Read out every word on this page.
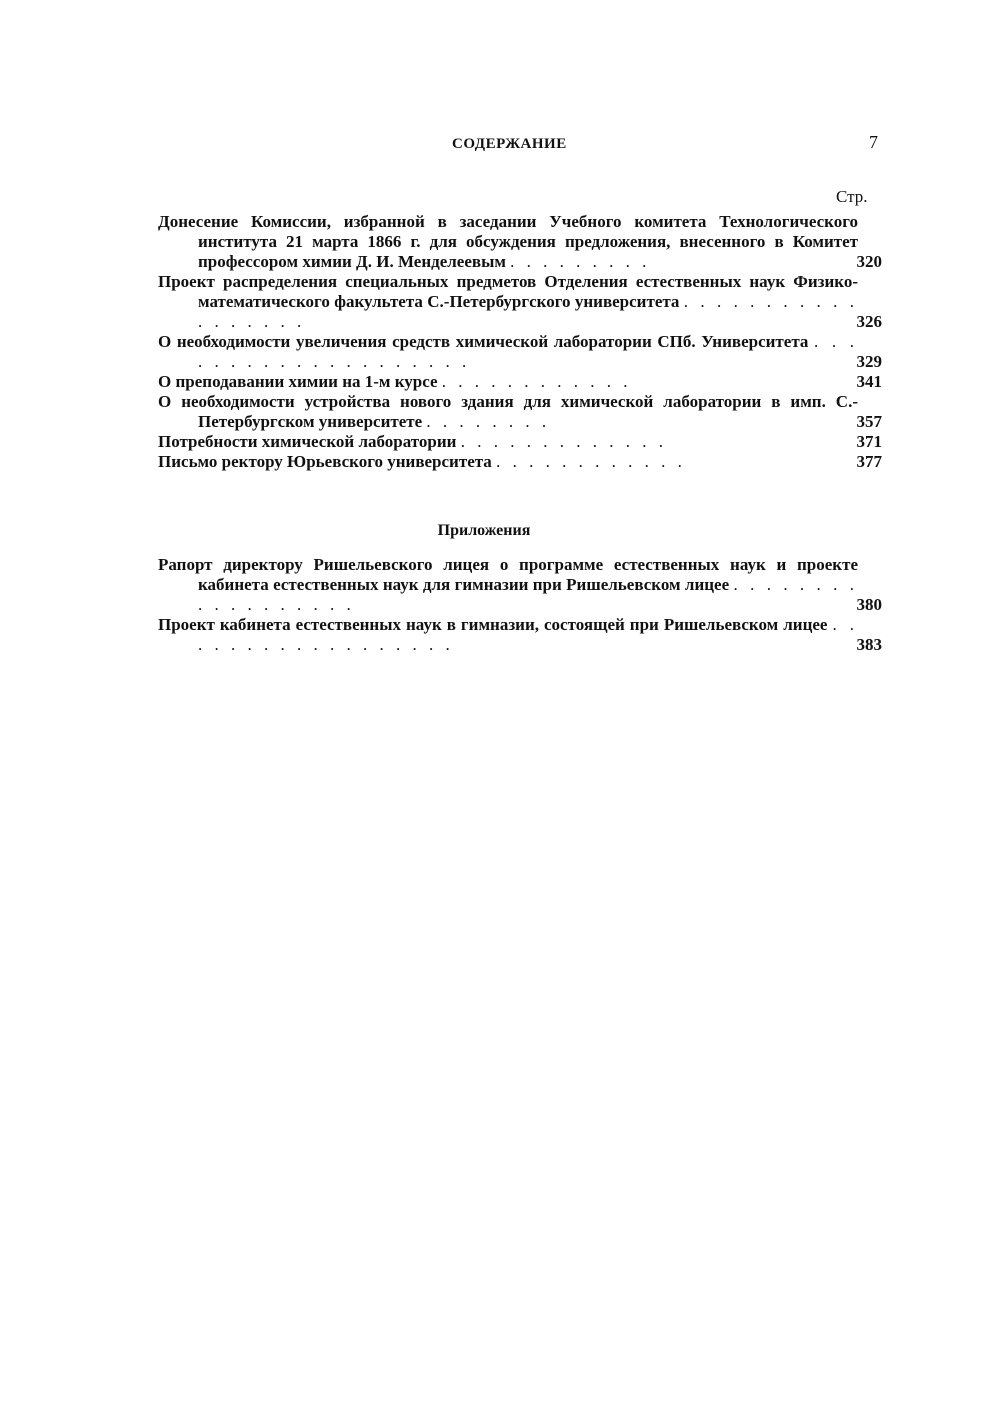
СОДЕРЖАНИЕ	7
Стр.
Донесение Комиссии, избранной в заседании Учебного комитета Технологического института 21 марта 1866 г. для обсуждения предложения, внесенного в Комитет профессором химии Д. И. Менделеевым . . . . . . . . .	320
Проект распределения специальных предметов Отделения естественных наук Физико-математического факультета С.-Петербургского университета . . . . . . . . . . . . . . . . . .	326
О необходимости увеличения средств химической лаборатории СПб. Университета . . . . . . . . . . . . . . . . . . . .	329
О преподавании химии на 1-м курсе . . . . . . . . . . . .	341
О необходимости устройства нового здания для химической лаборатории в имп. С.-Петербургском университете . . . . . . . .	357
Потребности химической лаборатории . . . . . . . . . . . . .	371
Письмо ректору Юрьевского университета . . . . . . . . . . . .	377
Приложения
Рапорт директору Ришельевского лицея о программе естественных наук и проекте кабинета естественных наук для гимназии при Ришельевском лицее . . . . . . . . . . . . . . . . . .	380
Проект кабинета естественных наук в гимназии, состоящей при Ришельевском лицее . . . . . . . . . . . . . . . . . .	383
